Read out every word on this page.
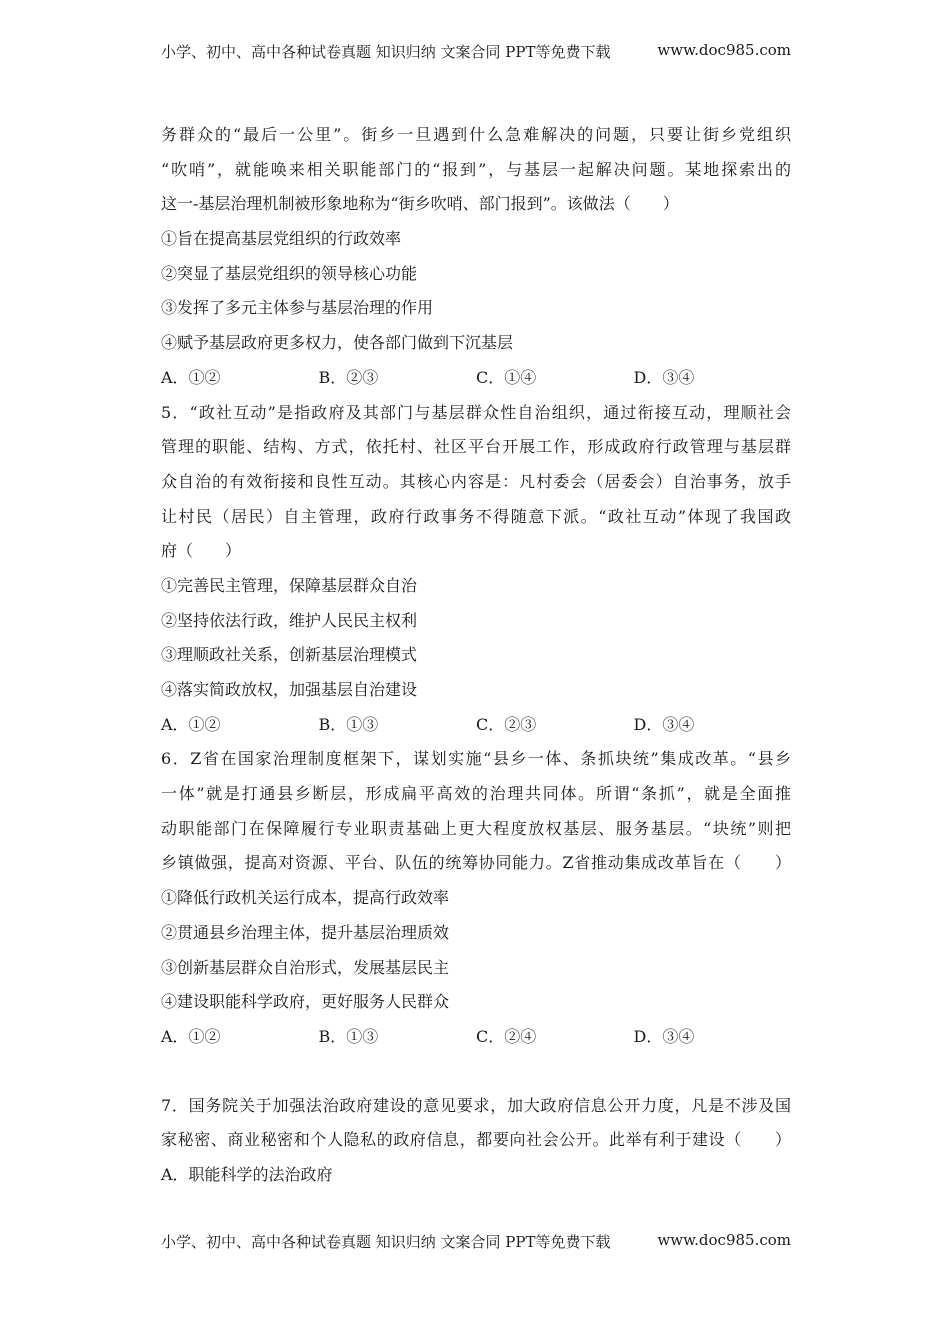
小学、初中、高中各种试卷真题 知识归纳 文案合同 PPT等免费下载	www.doc985.com
务群众的“最后一公里”。街乡一旦遇到什么急难解决的问题，只要让街乡党组织
“吹哨”，就能唤来相关职能部门的“报到”，与基层一起解决问题。某地探索出的
这一-基层治理机制被形象地称为“街乡吹哨、部门报到”。该做法（　　）
①旨在提高基层党组织的行政效率
②突显了基层党组织的领导核心功能
③发挥了多元主体参与基层治理的作用
④赋予基层政府更多权力，使各部门做到下沉基层
A．①②	B．②③	C．①④	D．③④
5．“政社互动”是指政府及其部门与基层群众性自治组织，通过衔接互动，理顺社会
管理的职能、结构、方式，依托村、社区平台开展工作，形成政府行政管理与基层群
众自治的有效衔接和良性互动。其核心内容是：凡村委会（居委会）自治事务，放手
让村民（居民）自主管理，政府行政事务不得随意下派。“政社互动”体现了我国政
府（　　）
①完善民主管理，保障基层群众自治
②坚持依法行政，维护人民民主权利
③理顺政社关系，创新基层治理模式
④落实简政放权，加强基层自治建设
A．①②	B．①③	C．②③	D．③④
6．Z省在国家治理制度框架下，谋划实施“县乡一体、条抓块统”集成改革。“县乡
一体”就是打通县乡断层，形成扁平高效的治理共同体。所谓“条抓”，就是全面推
动职能部门在保障履行专业职责基础上更大程度放权基层、服务基层。“块统”则把
乡镇做强，提高对资源、平台、队伍的统筹协同能力。Z省推动集成改革旨在（　　）
①降低行政机关运行成本，提高行政效率
②贯通县乡治理主体，提升基层治理质效
③创新基层群众自治形式，发展基层民主
④建设职能科学政府，更好服务人民群众
A．①②	B．①③	C．②④	D．③④
7．国务院关于加强法治政府建设的意见要求，加大政府信息公开力度，凡是不涉及国
家秘密、商业秘密和个人隐私的政府信息，都要向社会公开。此举有利于建设（　　）
A．职能科学的法治政府
小学、初中、高中各种试卷真题 知识归纳 文案合同 PPT等免费下载	www.doc985.com
